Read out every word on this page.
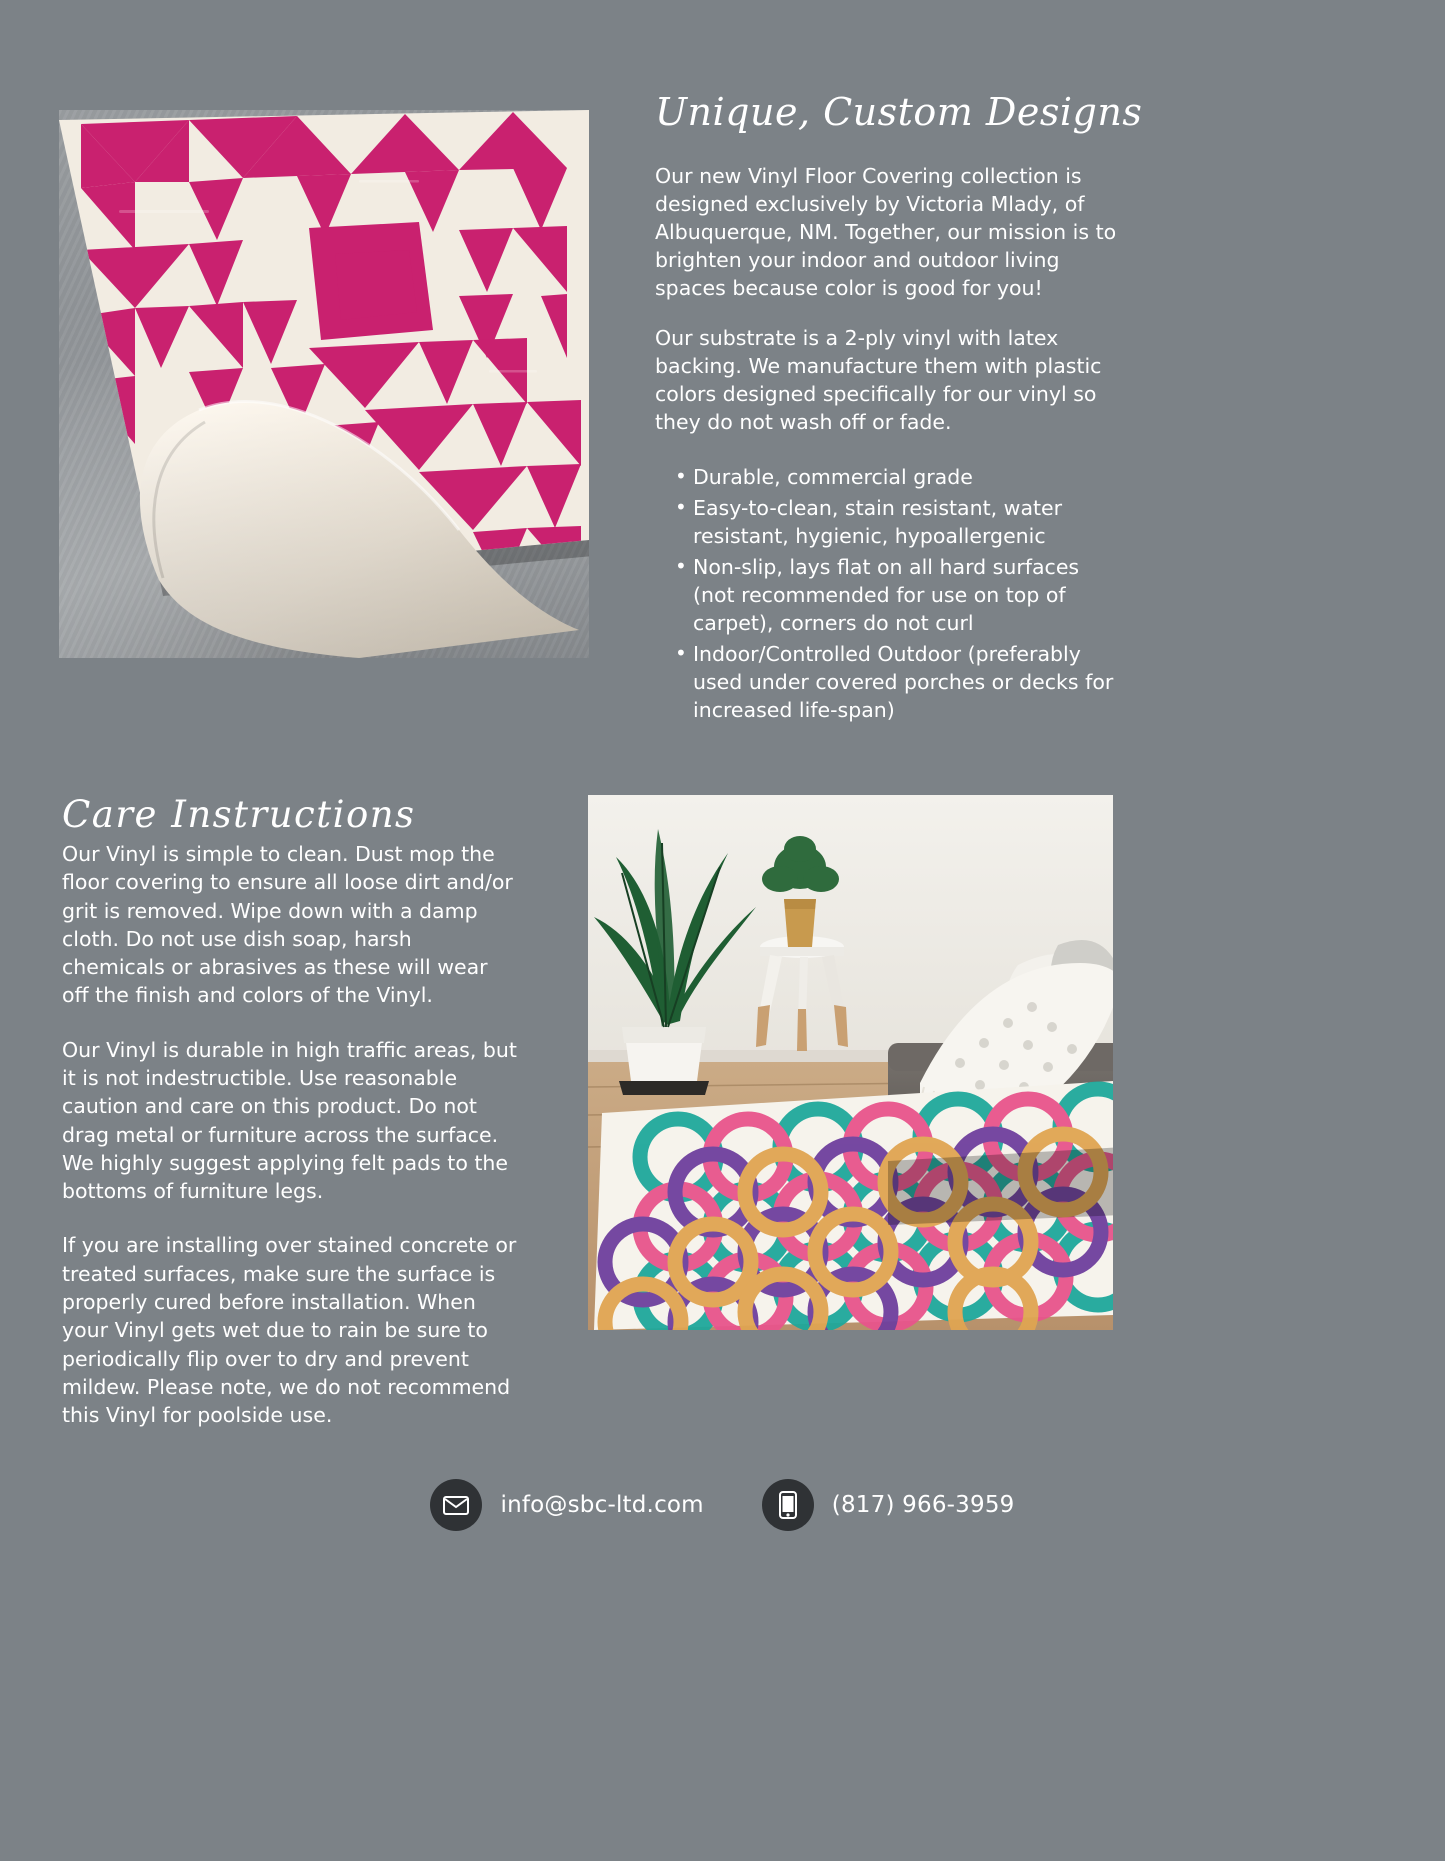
Unique, Custom Designs

Our new Vinyl Floor Covering collection is designed exclusively by Victoria Mlady, of Albuquerque, NM. Together, our mission is to brighten your indoor and outdoor living spaces because color is good for you!

Our substrate is a 2-ply vinyl with latex backing. We manufacture them with plastic colors designed specifically for our vinyl so they do not wash off or fade.

• Durable, commercial grade
• Easy-to-clean, stain resistant, water resistant, hygienic, hypoallergenic
• Non-slip, lays flat on all hard surfaces (not recommended for use on top of carpet), corners do not curl
• Indoor/Controlled Outdoor (preferably used under covered porches or decks for increased life-span)
Care Instructions

Our Vinyl is simple to clean. Dust mop the floor covering to ensure all loose dirt and/or grit is removed. Wipe down with a damp cloth. Do not use dish soap, harsh chemicals or abrasives as these will wear off the finish and colors of the Vinyl.

Our Vinyl is durable in high traffic areas, but it is not indestructible. Use reasonable caution and care on this product. Do not drag metal or furniture across the surface. We highly suggest applying felt pads to the bottoms of furniture legs.

If you are installing over stained concrete or treated surfaces, make sure the surface is properly cured before installation. When your Vinyl gets wet due to rain be sure to periodically flip over to dry and prevent mildew. Please note, we do not recommend this Vinyl for poolside use.

info@sbc-ltd.com	(817) 966-3959
